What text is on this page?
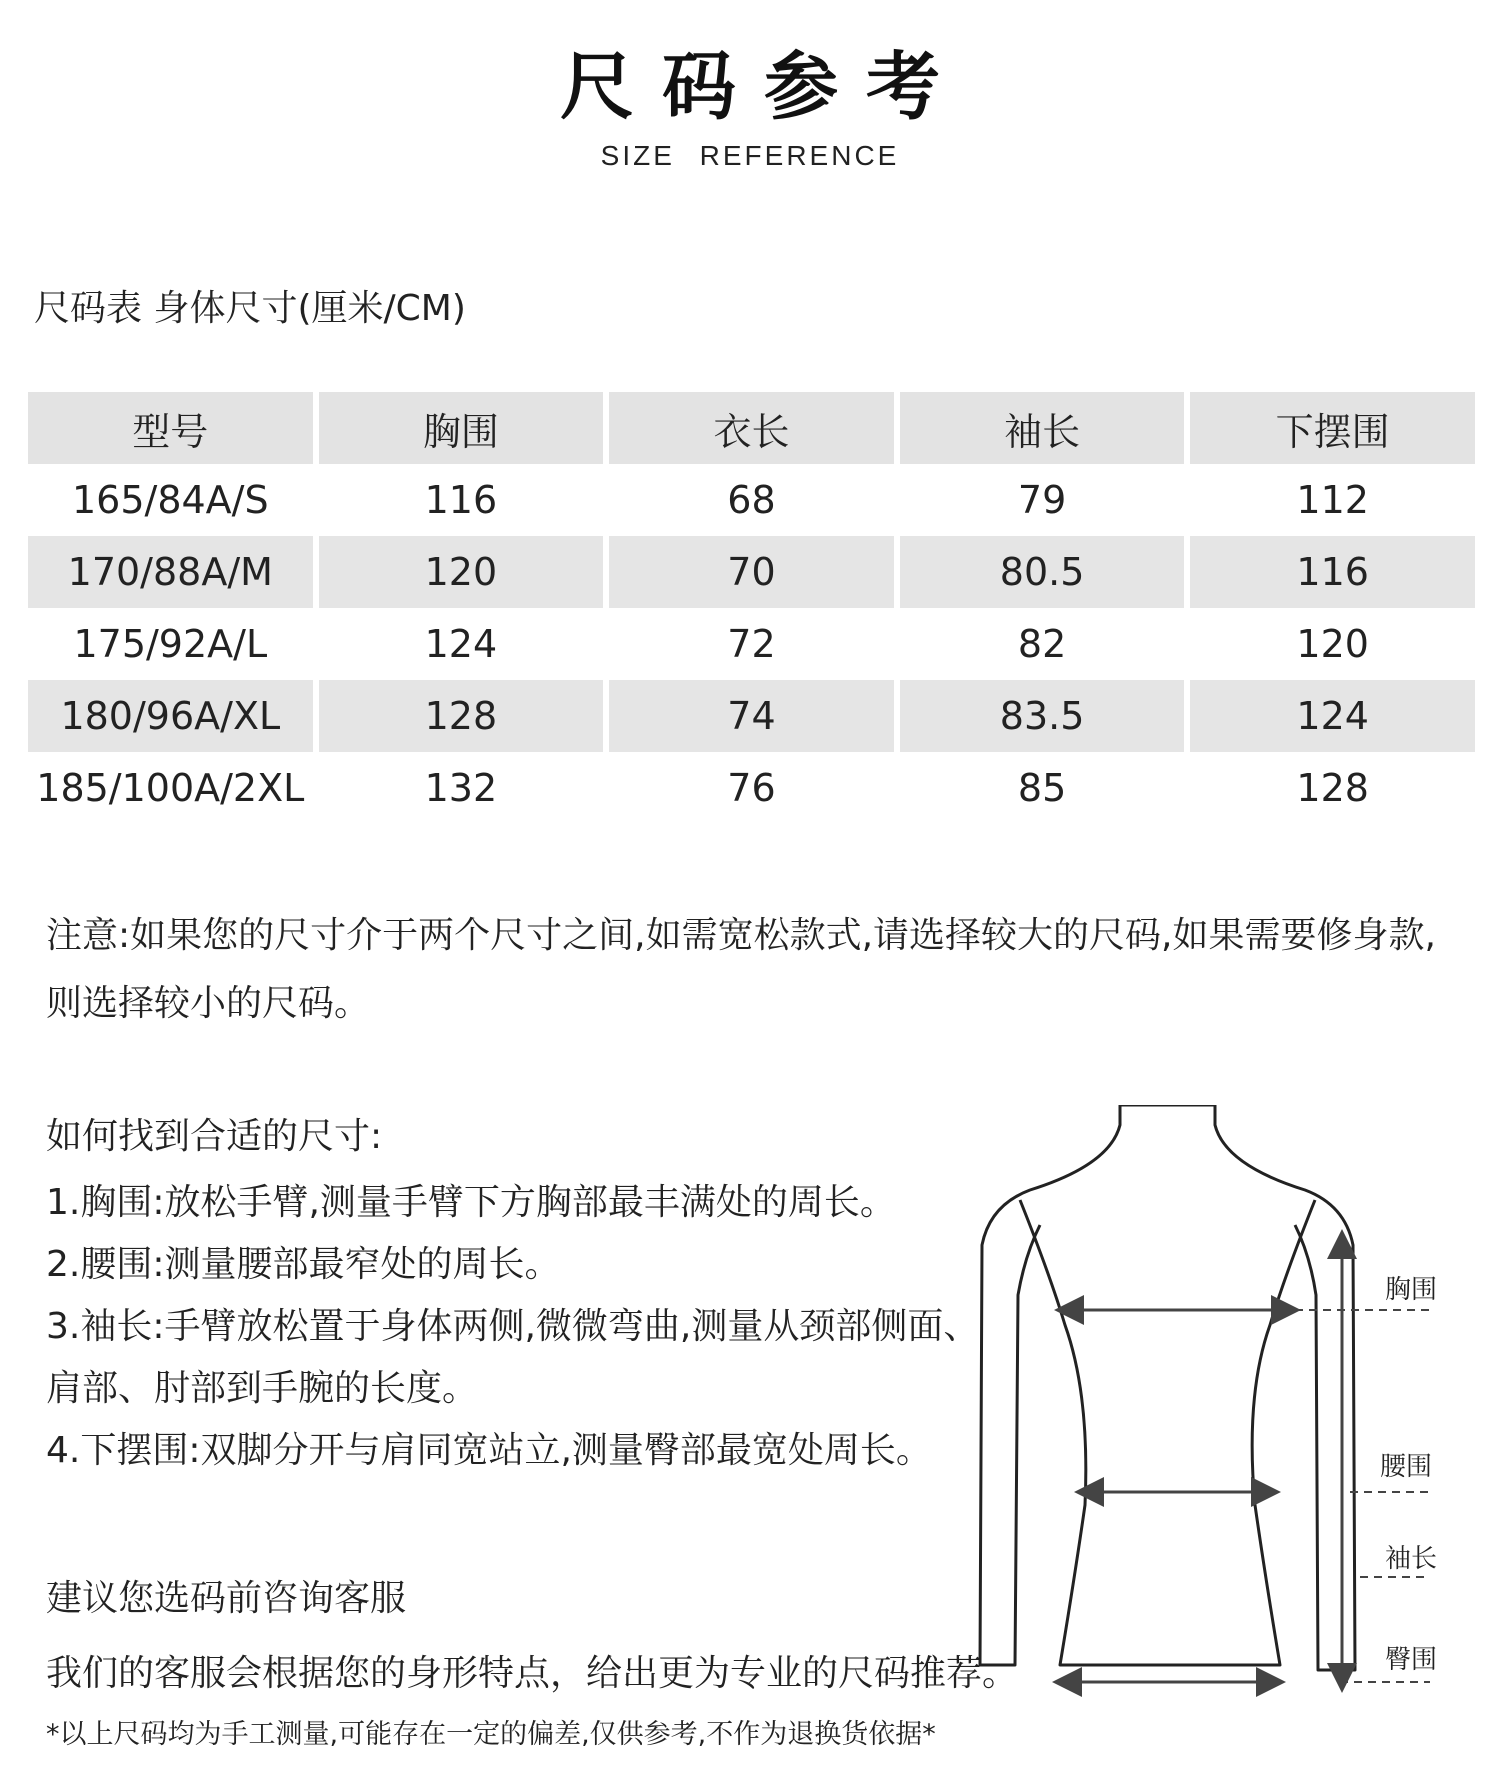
尺码参考
SIZE REFERENCE
尺码表 身体尺寸(厘米/CM)
型号	胸围	衣长	袖长	下摆围
165/84A/S	116	68	79	112
170/88A/M	120	70	80.5	116
175/92A/L	124	72	82	120
180/96A/XL	128	74	83.5	124
185/100A/2XL	132	76	85	128
注意:如果您的尺寸介于两个尺寸之间,如需宽松款式,请选择较大的尺码,如果需要修身款,则选择较小的尺码。
如何找到合适的尺寸:
1.胸围:放松手臂,测量手臂下方胸部最丰满处的周长。
2.腰围:测量腰部最窄处的周长。
3.袖长:手臂放松置于身体两侧,微微弯曲,测量从颈部侧面、肩部、肘部到手腕的长度。
4.下摆围:双脚分开与肩同宽站立,测量臀部最宽处周长。
建议您选码前咨询客服
我们的客服会根据您的身形特点，给出更为专业的尺码推荐。
*以上尺码均为手工测量,可能存在一定的偏差,仅供参考,不作为退换货依据*
胸围
腰围
袖长
臀围
